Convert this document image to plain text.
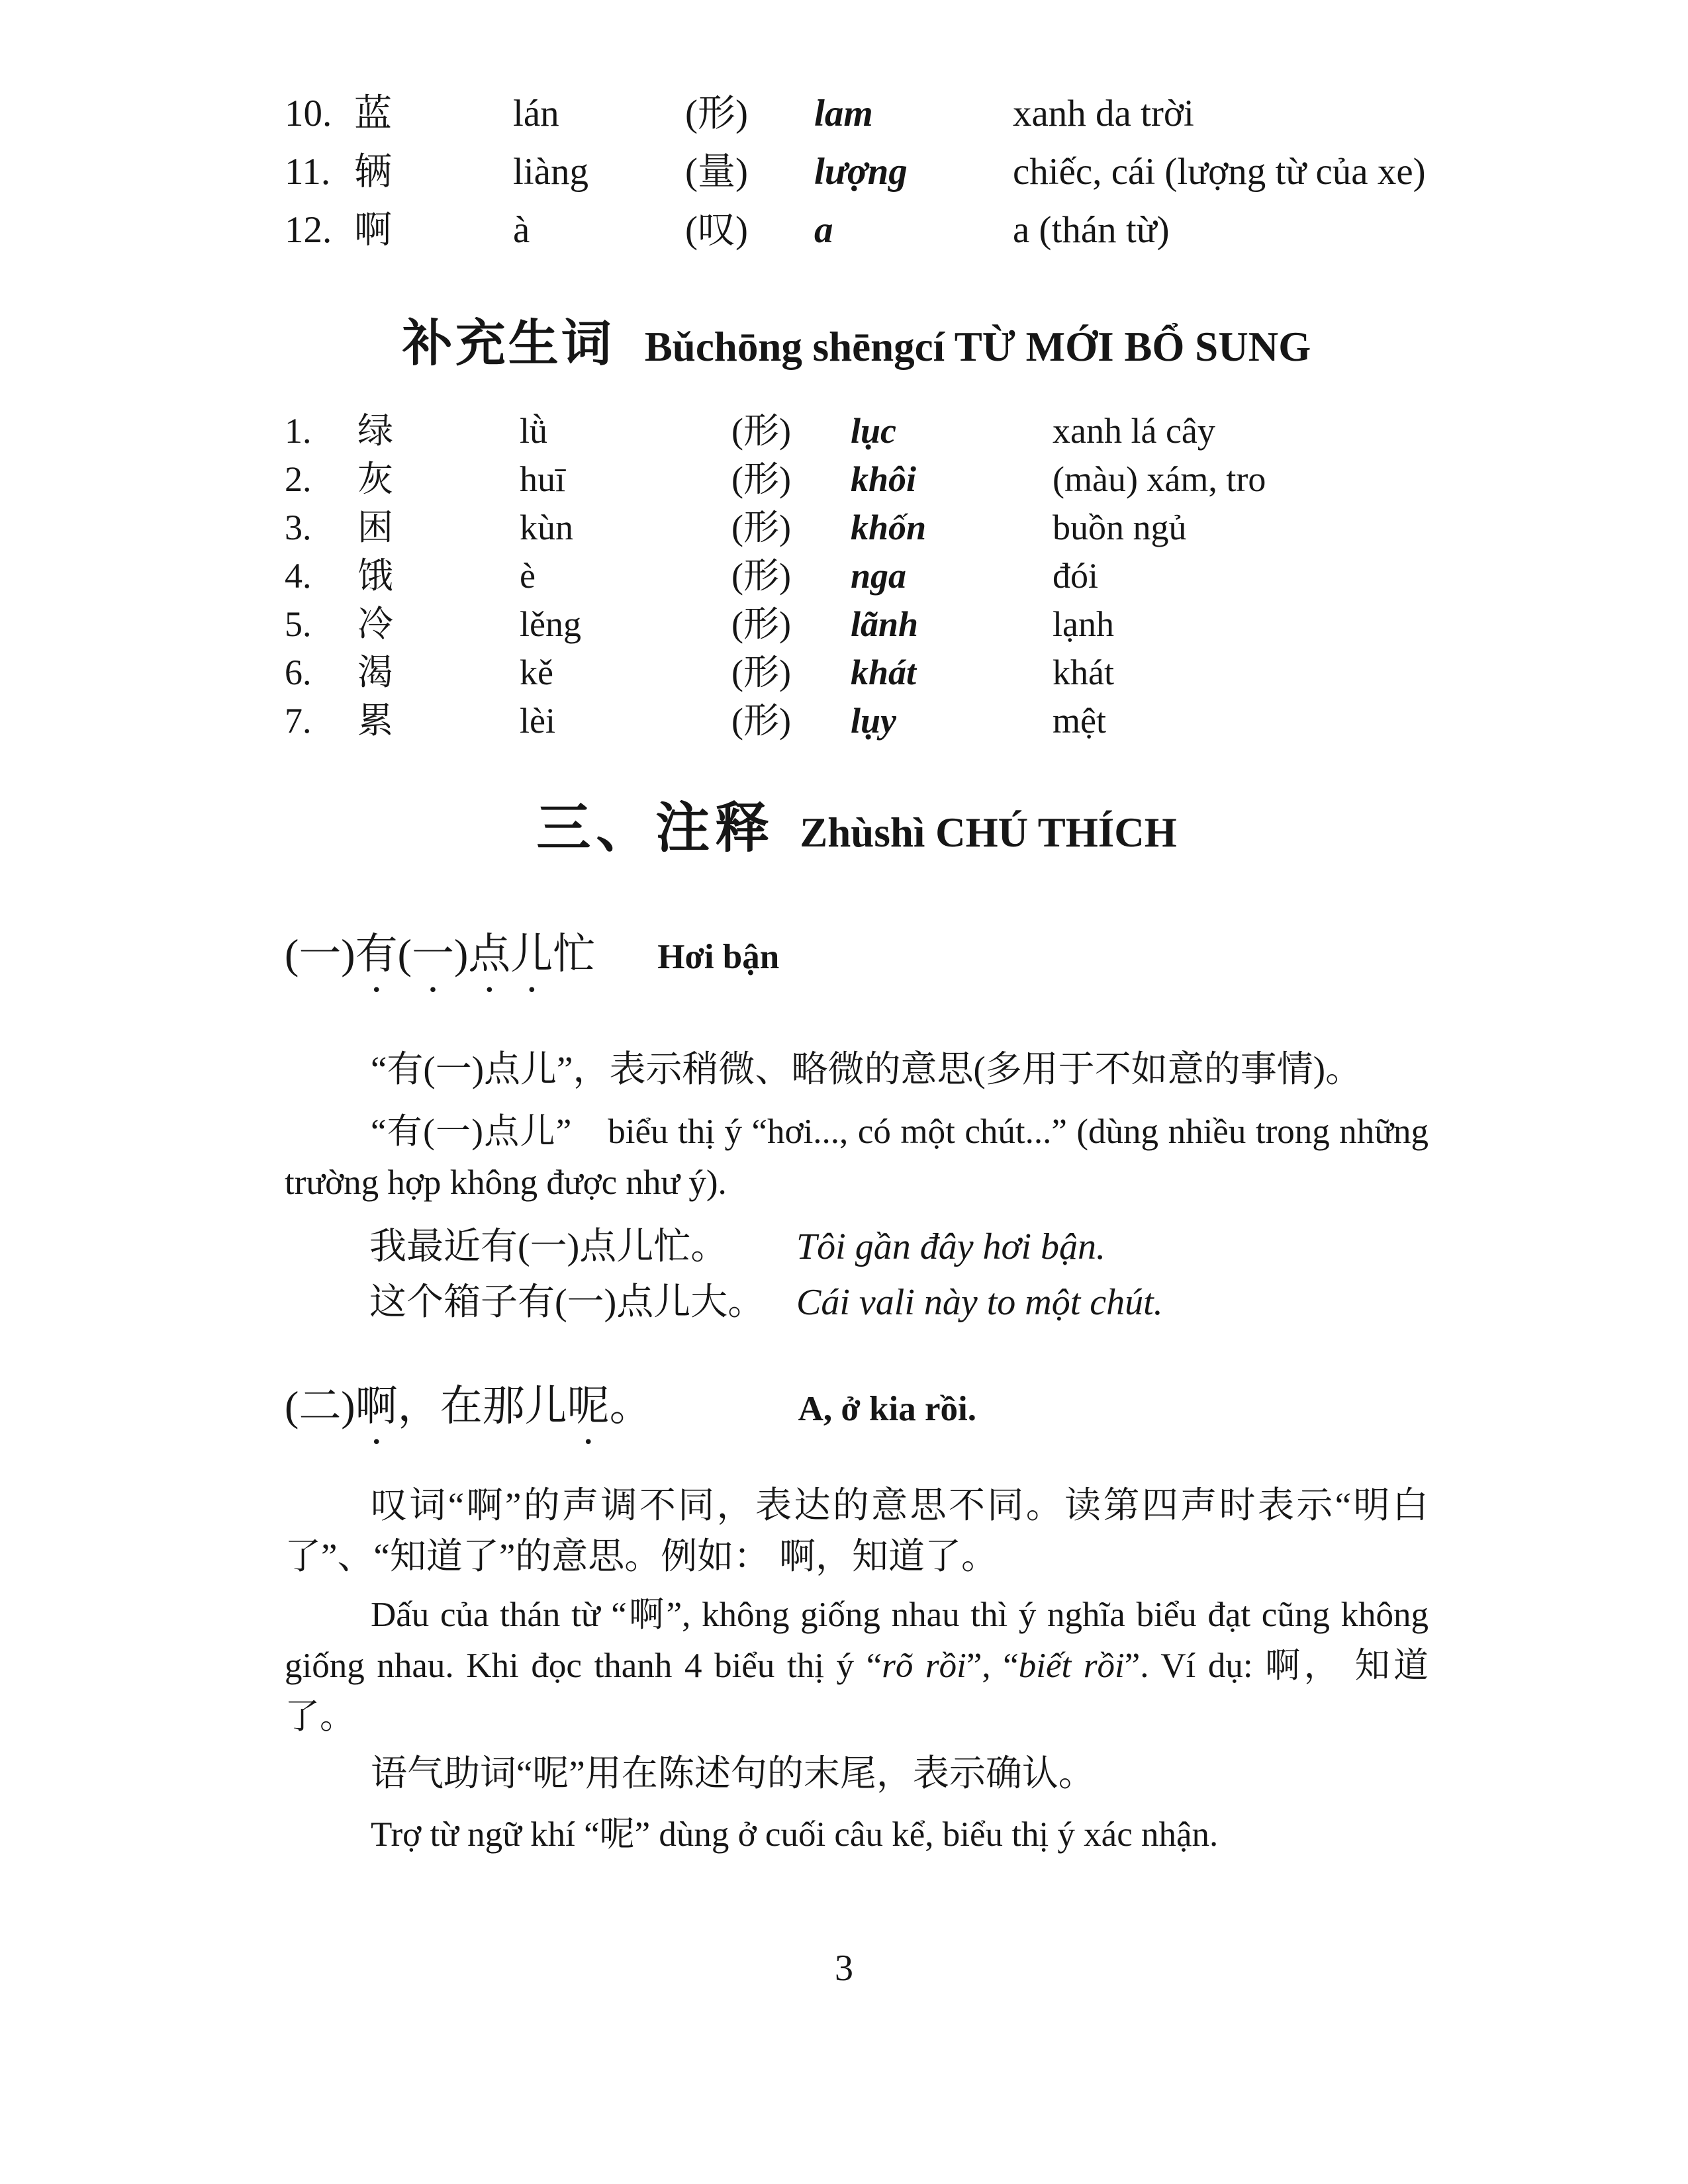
10. 蓝	lán	(形)	lam	xanh da trời
11. 辆	liàng	(量)	lượng	chiếc, cái (lượng từ của xe)
12. 啊	à	(叹)	a	a (thán từ)
补充生词 Bǔchōng shēngcí TỪ MỚI BỔ SUNG
1.	绿	lǜ	(形)	lục	xanh lá cây
2.	灰	huī	(形)	khôi	(màu) xám, tro
3.	困	kùn	(形)	khốn	buồn ngủ
4.	饿	è	(形)	nga	đói
5.	冷	lěng	(形)	lãnh	lạnh
6.	渴	kě	(形)	khát	khát
7.	累	lèi	(形)	lụy	mệt
三、注释 Zhùshì CHÚ THÍCH
(一)有(一)点儿忙 Hơi bận

“有(一)点儿”，表示稍微、略微的意思(多用于不如意的事情)。

“有(一)点儿” biểu thị ý “hơi..., có một chút...” (dùng nhiều trong những trường hợp không được như ý).

我最近有(一)点儿忙。	Tôi gần đây hơi bận.
这个箱子有(一)点儿大。 Cái vali này to một chút.
(二)啊，在那儿呢。	A, ở kia rồi.

叹词“啊”的声调不同，表达的意思不同。读第四声时表示“明白了”、“知道了”的意思。例如： 啊，知道了。

Dấu của thán từ “啊”, không giống nhau thì ý nghĩa biểu đạt cũng không giống nhau. Khi đọc thanh 4 biểu thị ý “rõ rồi”, “biết rồi”. Ví dụ: 啊， 知道了。

语气助词“呢”用在陈述句的末尾，表示确认。

Trợ từ ngữ khí “呢” dùng ở cuối câu kể, biểu thị ý xác nhận.

3
